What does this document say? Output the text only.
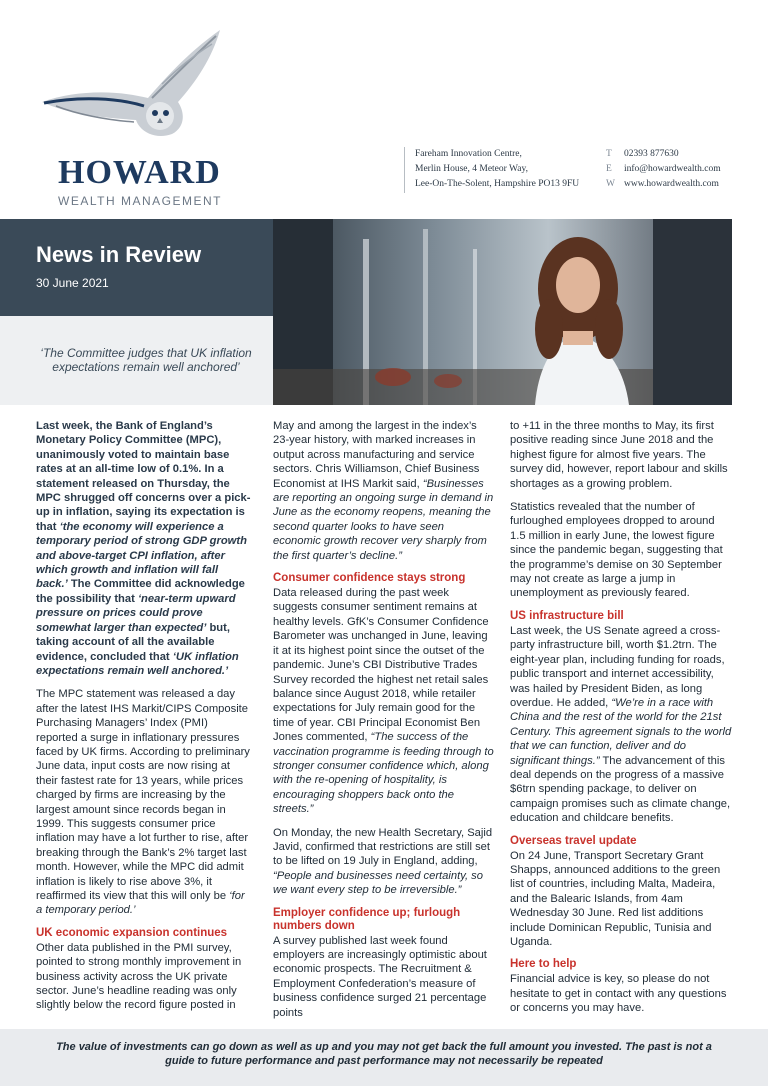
HOWARD
WEALTH MANAGEMENT
Fareham Innovation Centre,
Merlin House, 4 Meteor Way,
Lee-On-The-Solent, Hampshire PO13 9FU
T	02393 877630
E	info@howardwealth.com
W www.howardwealth.com
News in Review
30 June 2021
‘The Committee judges that UK inflation expectations remain well anchored’

Last week, the Bank of England’s Monetary Policy Committee (MPC), unanimously voted to maintain base rates at an all-time low of 0.1%. In a statement released on Thursday, the MPC shrugged off concerns over a pick-up in inflation, saying its expectation is that ‘the economy will experience a temporary period of strong GDP growth and above-target CPI inflation, after which growth and inflation will fall back.’ The Committee did acknowledge the possibility that ‘near-term upward pressure on prices could prove somewhat larger than expected’ but, taking account of all the available evidence, concluded that ‘UK inflation expectations remain well anchored.’

The MPC statement was released a day after the latest IHS Markit/CIPS Composite Purchasing Managers’ Index (PMI) reported a surge in inflationary pressures faced by UK firms. According to preliminary June data, input costs are now rising at their fastest rate for 13 years, while prices charged by firms are increasing by the largest amount since records began in 1999. This suggests consumer price inflation may have a lot further to rise, after breaking through the Bank’s 2% target last month. However, while the MPC did admit inflation is likely to rise above 3%, it reaffirmed its view that this will only be ‘for a temporary period.’

UK economic expansion continues

Other data published in the PMI survey, pointed to strong monthly improvement in business activity across the UK private sector. June’s headline reading was only slightly below the record figure posted in

May and among the largest in the index’s 23-year history, with marked increases in output across manufacturing and service sectors. Chris Williamson, Chief Business Economist at IHS Markit said, “Businesses are reporting an ongoing surge in demand in June as the economy reopens, meaning the second quarter looks to have seen economic growth recover very sharply from the first quarter’s decline.”

Consumer confidence stays strong

Data released during the past week suggests consumer sentiment remains at healthy levels. GfK’s Consumer Confidence Barometer was unchanged in June, leaving it at its highest point since the outset of the pandemic. June’s CBI Distributive Trades Survey recorded the highest net retail sales balance since August 2018, while retailer expectations for July remain good for the time of year. CBI Principal Economist Ben Jones commented, “The success of the vaccination programme is feeding through to stronger consumer confidence which, along with the re-opening of hospitality, is encouraging shoppers back onto the streets.”

On Monday, the new Health Secretary, Sajid Javid, confirmed that restrictions are still set to be lifted on 19 July in England, adding, “People and businesses need certainty, so we want every step to be irreversible.”

Employer confidence up; furlough numbers down

A survey published last week found employers are increasingly optimistic about economic prospects. The Recruitment & Employment Confederation’s measure of business confidence surged 21 percentage points

to +11 in the three months to May, its first positive reading since June 2018 and the highest figure for almost five years. The survey did, however, report labour and skills shortages as a growing problem.

Statistics revealed that the number of furloughed employees dropped to around 1.5 million in early June, the lowest figure since the pandemic began, suggesting that the programme’s demise on 30 September may not create as large a jump in unemployment as previously feared.

US infrastructure bill

Last week, the US Senate agreed a cross-party infrastructure bill, worth $1.2trn. The eight-year plan, including funding for roads, public transport and internet accessibility, was hailed by President Biden, as long overdue. He added, “We’re in a race with China and the rest of the world for the 21st Century. This agreement signals to the world that we can function, deliver and do significant things.” The advancement of this deal depends on the progress of a massive $6trn spending package, to deliver on campaign promises such as climate change, education and childcare benefits.

Overseas travel update

On 24 June, Transport Secretary Grant Shapps, announced additions to the green list of countries, including Malta, Madeira, and the Balearic Islands, from 4am Wednesday 30 June. Red list additions include Dominican Republic, Tunisia and Uganda.

Here to help

Financial advice is key, so please do not hesitate to get in contact with any questions or concerns you may have.

The value of investments can go down as well as up and you may not get back the full amount you invested. The past is not a guide to future performance and past performance may not necessarily be repeated
